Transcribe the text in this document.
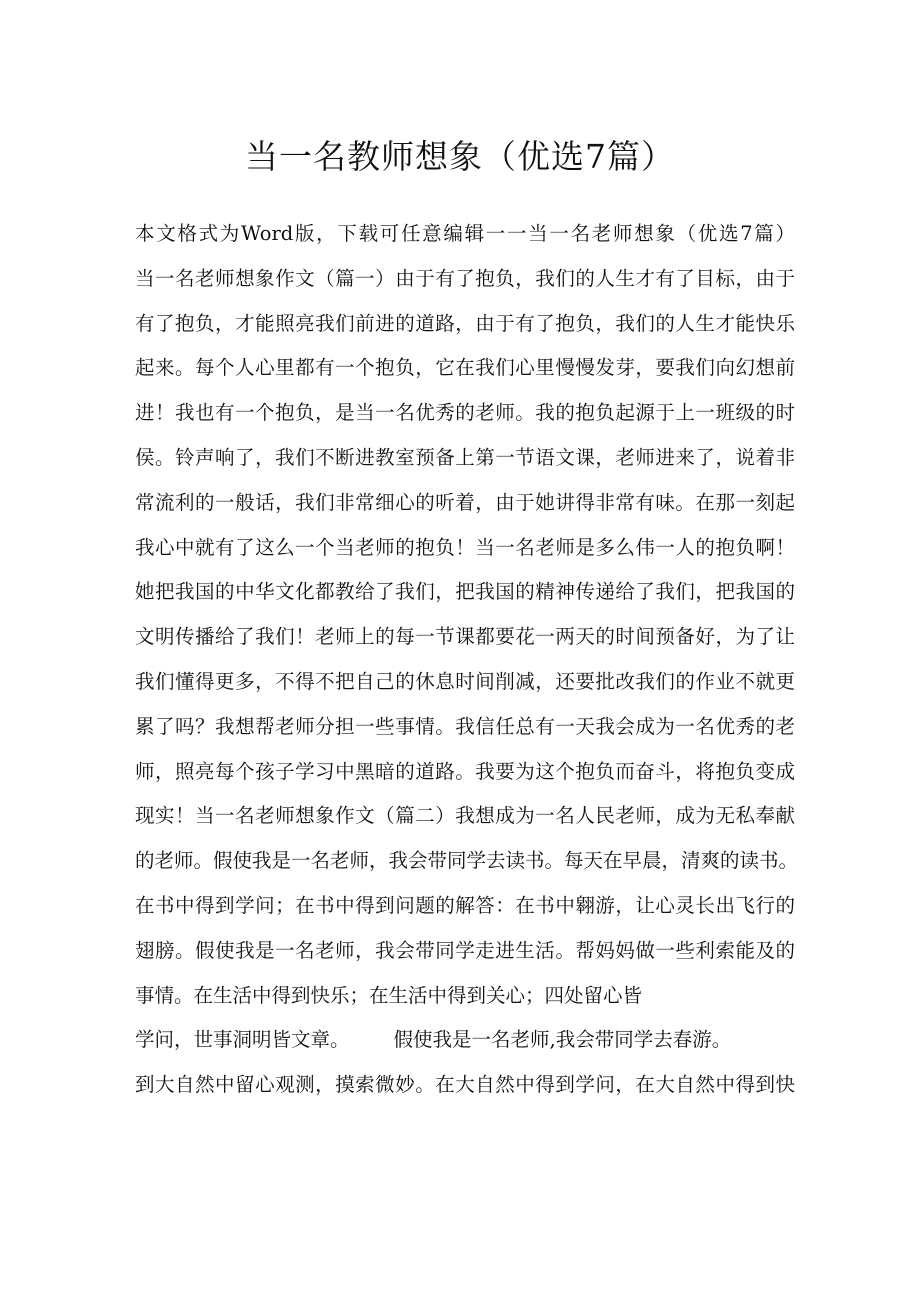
当一名教师想象（优选7篇）
本文格式为Word版，下载可任意编辑一一当一名老师想象（优选7篇）
当一名老师想象作文（篇一）由于有了抱负，我们的人生才有了目标，由于
有了抱负，才能照亮我们前进的道路，由于有了抱负，我们的人生才能快乐
起来。每个人心里都有一个抱负，它在我们心里慢慢发芽，要我们向幻想前
进！我也有一个抱负，是当一名优秀的老师。我的抱负起源于上一班级的时
侯。铃声响了，我们不断进教室预备上第一节语文课，老师进来了，说着非
常流利的一般话，我们非常细心的听着，由于她讲得非常有味。在那一刻起
我心中就有了这么一个当老师的抱负！当一名老师是多么伟一人的抱负啊！
她把我国的中华文化都教给了我们，把我国的精神传递给了我们，把我国的
文明传播给了我们！老师上的每一节课都要花一两天的时间预备好，为了让
我们懂得更多，不得不把自己的休息时间削减，还要批改我们的作业不就更
累了吗？我想帮老师分担一些事情。我信任总有一天我会成为一名优秀的老
师，照亮每个孩子学习中黑暗的道路。我要为这个抱负而奋斗，将抱负变成
现实！当一名老师想象作文（篇二）我想成为一名人民老师，成为无私奉献
的老师。假使我是一名老师，我会带同学去读书。每天在早晨，清爽的读书。
在书中得到学问；在书中得到问题的解答：在书中翱游，让心灵长出飞行的
翅膀。假使我是一名老师，我会带同学走进生活。帮妈妈做一些利索能及的
事情。在生活中得到快乐；在生活中得到关心；四处留心皆
学问，世事洞明皆文章。 假使我是一名老师,我会带同学去春游。
到大自然中留心观测，摸索微妙。在大自然中得到学问，在大自然中得到快
